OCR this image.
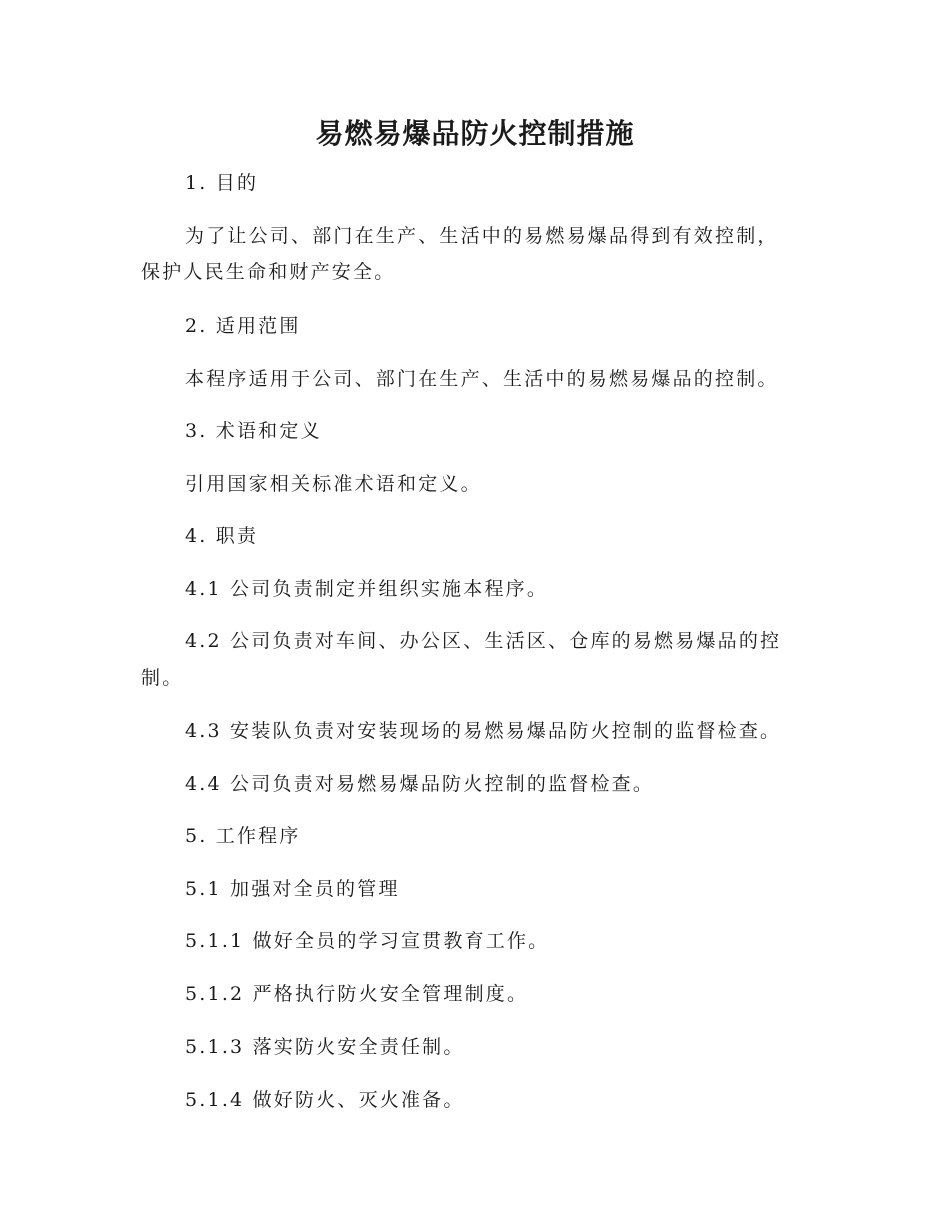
易燃易爆品防火控制措施
1. 目的
为了让公司、部门在生产、生活中的易燃易爆品得到有效控制，
保护人民生命和财产安全。
2. 适用范围
本程序适用于公司、部门在生产、生活中的易燃易爆品的控制。
3. 术语和定义
引用国家相关标准术语和定义。
4. 职责
4.1 公司负责制定并组织实施本程序。
4.2 公司负责对车间、办公区、生活区、仓库的易燃易爆品的控
制。
4.3 安装队负责对安装现场的易燃易爆品防火控制的监督检查。
4.4 公司负责对易燃易爆品防火控制的监督检查。
5. 工作程序
5.1 加强对全员的管理
5.1.1 做好全员的学习宣贯教育工作。
5.1.2 严格执行防火安全管理制度。
5.1.3 落实防火安全责任制。
5.1.4 做好防火、灭火准备。
